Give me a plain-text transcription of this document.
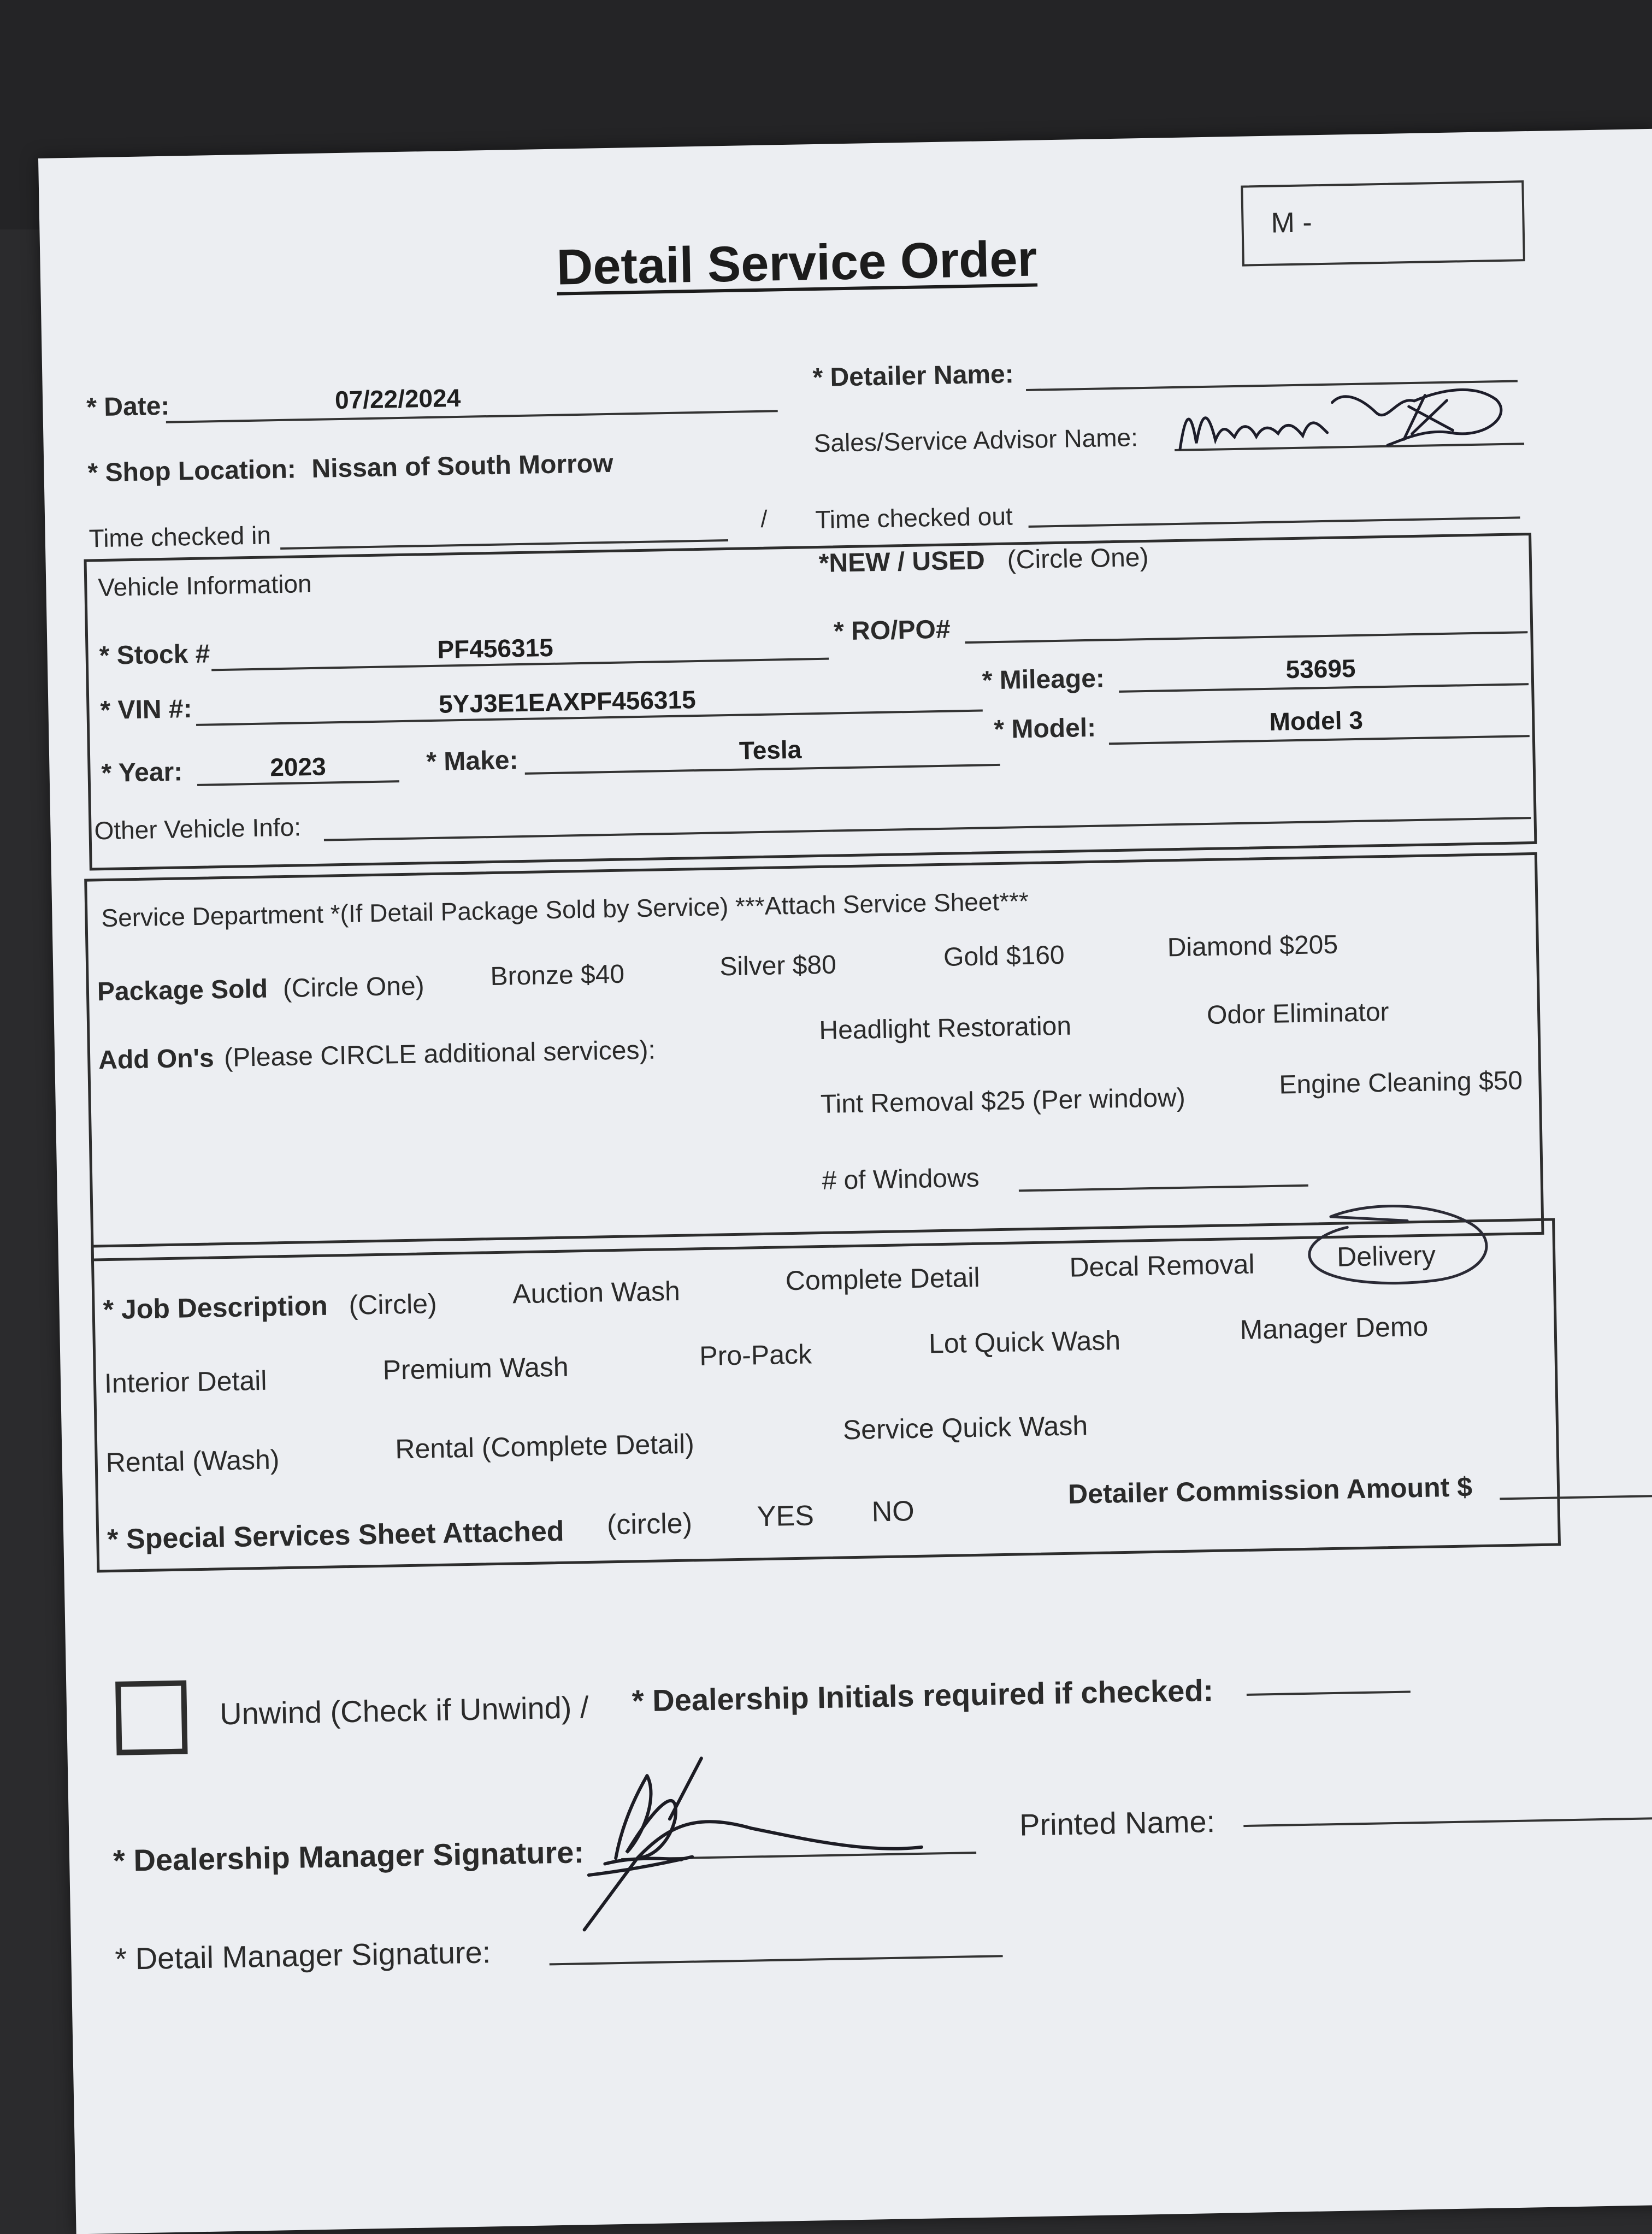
Detail Service Order
M -
* Date:	07/22/2024
* Detailer Name:
* Shop Location: Nissan of South Morrow
Sales/Service Advisor Name:
Time checked in
/ Time checked out
Vehicle Information
*NEW / USED (Circle One)
* Stock #	PF456315
* RO/PO#
* Mileage:	53695
* VIN #:	5YJ3E1EAXPF456315
* Model:	Model 3
* Year:	2023	* Make:	Tesla
Other Vehicle Info:
Service Department *(If Detail Package Sold by Service) ***Attach Service Sheet***
Package Sold (Circle One)	Bronze $40	Silver $80	Gold $160	Diamond $205
Add On's (Please CIRCLE additional services):
Headlight Restoration	Odor Eliminator
Tint Removal $25 (Per window)
Engine Cleaning $50
# of Windows
* Job Description (Circle)	Auction Wash	Complete Detail	Decal Removal	Delivery
Interior Detail	Premium Wash	Pro-Pack	Lot Quick Wash	Manager Demo
Rental (Wash)	Rental (Complete Detail)
Service Quick Wash
* Special Services Sheet Attached (circle) YES NO
Detailer Commission Amount $
Unwind (Check if Unwind) / * Dealership Initials required if checked:
* Dealership Manager Signature:
Printed Name:
* Detail Manager Signature:
